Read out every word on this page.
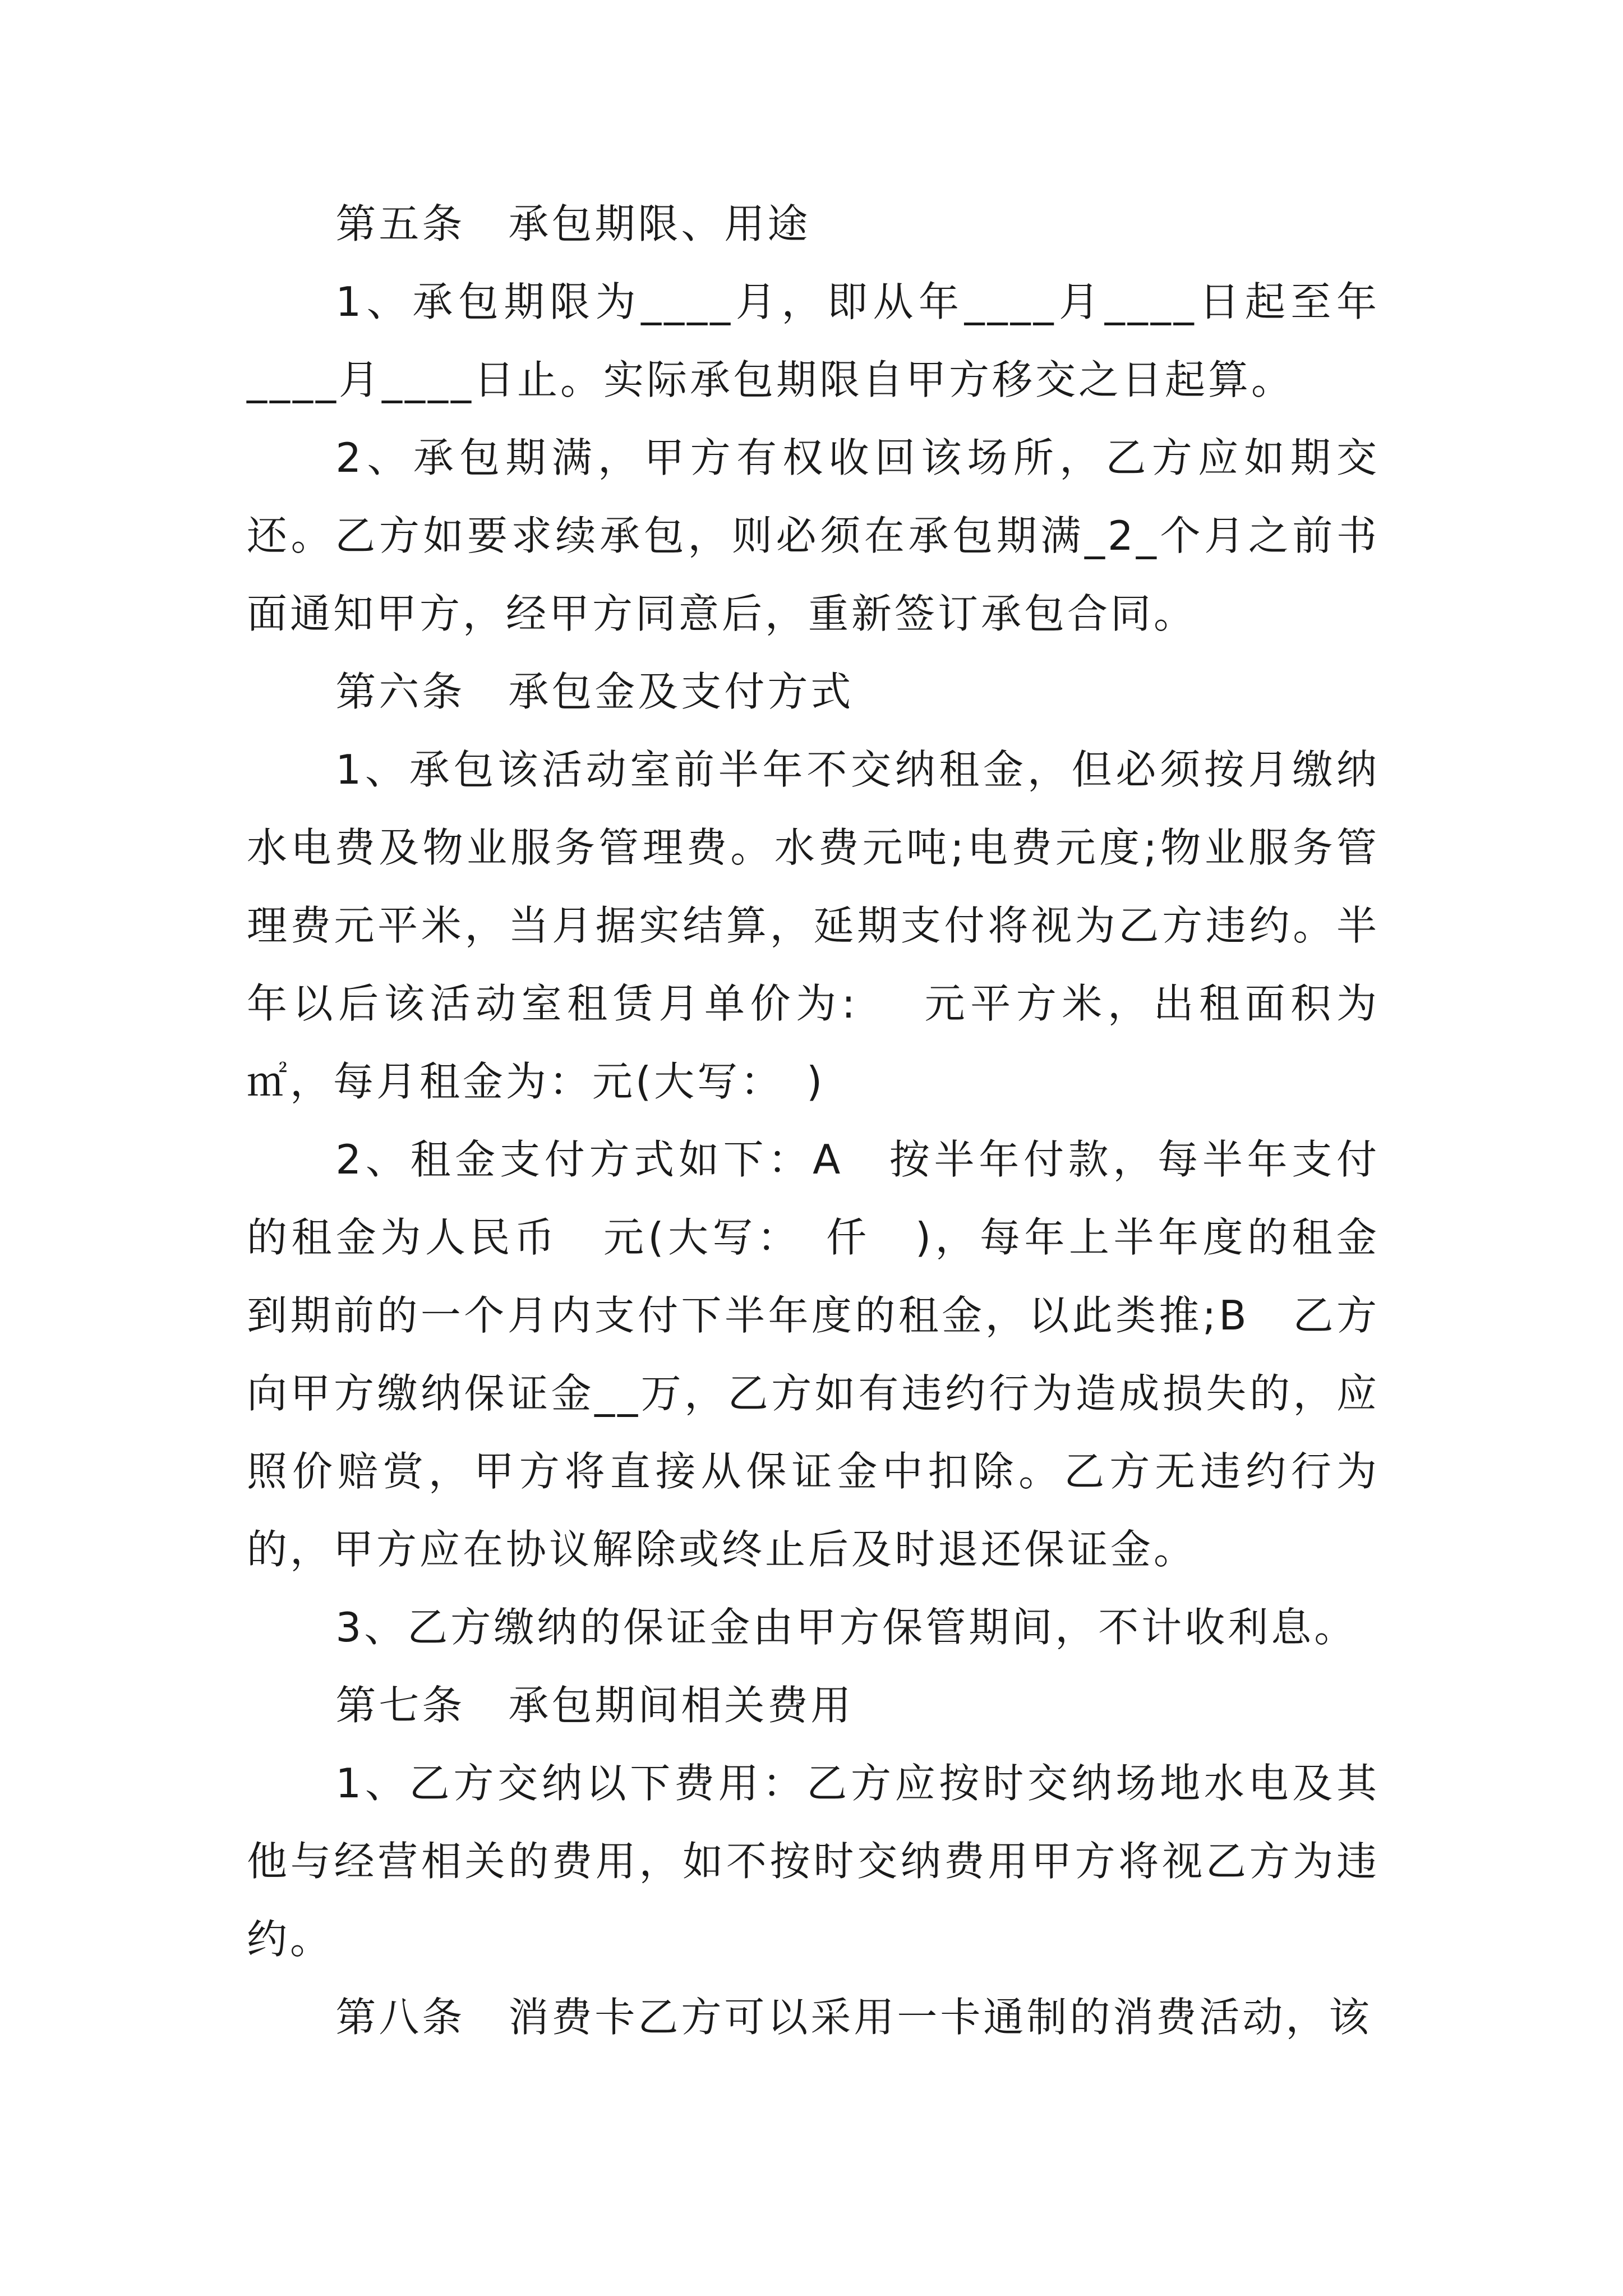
第五条　承包期限、用途

1、承包期限为____月，即从年____月____日起至年____月____日止。实际承包期限自甲方移交之日起算。

2、承包期满，甲方有权收回该场所，乙方应如期交还。乙方如要求续承包，则必须在承包期满_2_个月之前书面通知甲方，经甲方同意后，重新签订承包合同。

第六条　承包金及支付方式

1、承包该活动室前半年不交纳租金，但必须按月缴纳水电费及物业服务管理费。水费元吨;电费元度;物业服务管理费元平米，当月据实结算，延期支付将视为乙方违约。半年以后该活动室租赁月单价为:　 元平方米，出租面积为㎡，每月租金为：元(大写：　)

2、租金支付方式如下：A　按半年付款，每半年支付的租金为人民币　元(大写：　仟　)，每年上半年度的租金到期前的一个月内支付下半年度的租金，以此类推;B　乙方向甲方缴纳保证金__万，乙方如有违约行为造成损失的，应照价赔赏，甲方将直接从保证金中扣除。乙方无违约行为的，甲方应在协议解除或终止后及时退还保证金。

3、乙方缴纳的保证金由甲方保管期间，不计收利息。

第七条　承包期间相关费用

1、乙方交纳以下费用：乙方应按时交纳场地水电及其他与经营相关的费用，如不按时交纳费用甲方将视乙方为违约。

第八条　消费卡乙方可以采用一卡通制的消费活动，该
